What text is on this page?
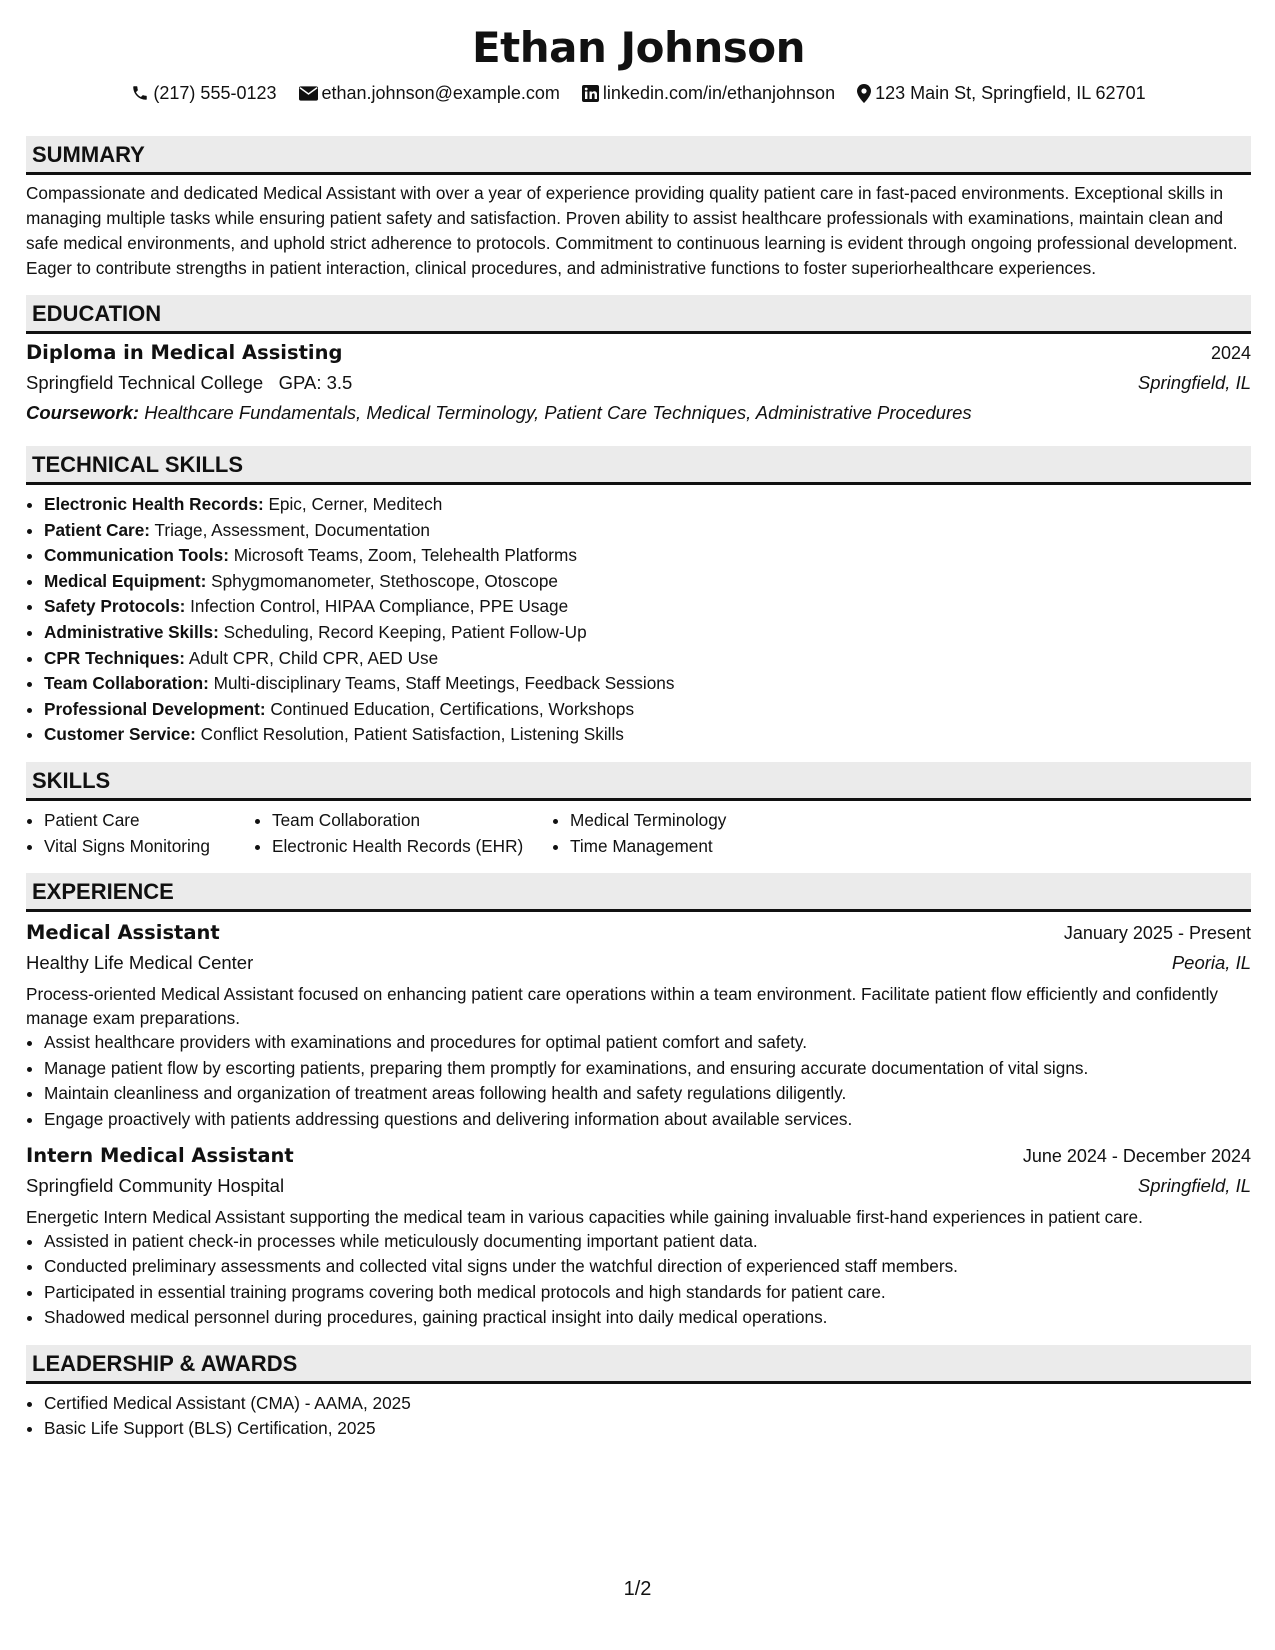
Ethan Johnson
(217) 555-0123	ethan.johnson@example.com linkedin.com/in/ethanjohnson 123 Main St, Springfield, IL 62701
SUMMARY
Compassionate and dedicated Medical Assistant with over a year of experience providing quality patient care in fast-paced environments. Exceptional skills in managing multiple tasks while ensuring patient safety and satisfaction. Proven ability to assist healthcare professionals with examinations, maintain clean and safe medical environments, and uphold strict adherence to protocols. Commitment to continuous learning is evident through ongoing professional development. Eager to contribute strengths in patient interaction, clinical procedures, and administrative functions to foster superiorhealthcare experiences.
EDUCATION
Diploma in Medical Assisting	2024
Springfield Technical College GPA: 3.5	Springfield, IL
Coursework: Healthcare Fundamentals, Medical Terminology, Patient Care Techniques, Administrative Procedures
TECHNICAL SKILLS
• Electronic Health Records: Epic, Cerner, Meditech
• Patient Care: Triage, Assessment, Documentation
• Communication Tools: Microsoft Teams, Zoom, Telehealth Platforms
• Medical Equipment: Sphygmomanometer, Stethoscope, Otoscope
• Safety Protocols: Infection Control, HIPAA Compliance, PPE Usage
• Administrative Skills: Scheduling, Record Keeping, Patient Follow-Up
• CPR Techniques: Adult CPR, Child CPR, AED Use
• Team Collaboration: Multi-disciplinary Teams, Staff Meetings, Feedback Sessions
• Professional Development: Continued Education, Certifications, Workshops
• Customer Service: Conflict Resolution, Patient Satisfaction, Listening Skills
SKILLS
• Patient Care
• Vital Signs Monitoring
• Team Collaboration
• Electronic Health Records (EHR)
• Medical Terminology
• Time Management
EXPERIENCE
Medical Assistant	January 2025 - Present
Healthy Life Medical Center	Peoria, IL
Process-oriented Medical Assistant focused on enhancing patient care operations within a team environment. Facilitate patient flow efficiently and confidently manage exam preparations.
• Assist healthcare providers with examinations and procedures for optimal patient comfort and safety.
• Manage patient flow by escorting patients, preparing them promptly for examinations, and ensuring accurate documentation of vital signs.
• Maintain cleanliness and organization of treatment areas following health and safety regulations diligently.
• Engage proactively with patients addressing questions and delivering information about available services.
Intern Medical Assistant	June 2024 - December 2024
Springfield Community Hospital	Springfield, IL
Energetic Intern Medical Assistant supporting the medical team in various capacities while gaining invaluable first-hand experiences in patient care.
• Assisted in patient check-in processes while meticulously documenting important patient data.
• Conducted preliminary assessments and collected vital signs under the watchful direction of experienced staff members.
• Participated in essential training programs covering both medical protocols and high standards for patient care.
• Shadowed medical personnel during procedures, gaining practical insight into daily medical operations.
LEADERSHIP & AWARDS
• Certified Medical Assistant (CMA) - AAMA, 2025
• Basic Life Support (BLS) Certification, 2025
1/2
